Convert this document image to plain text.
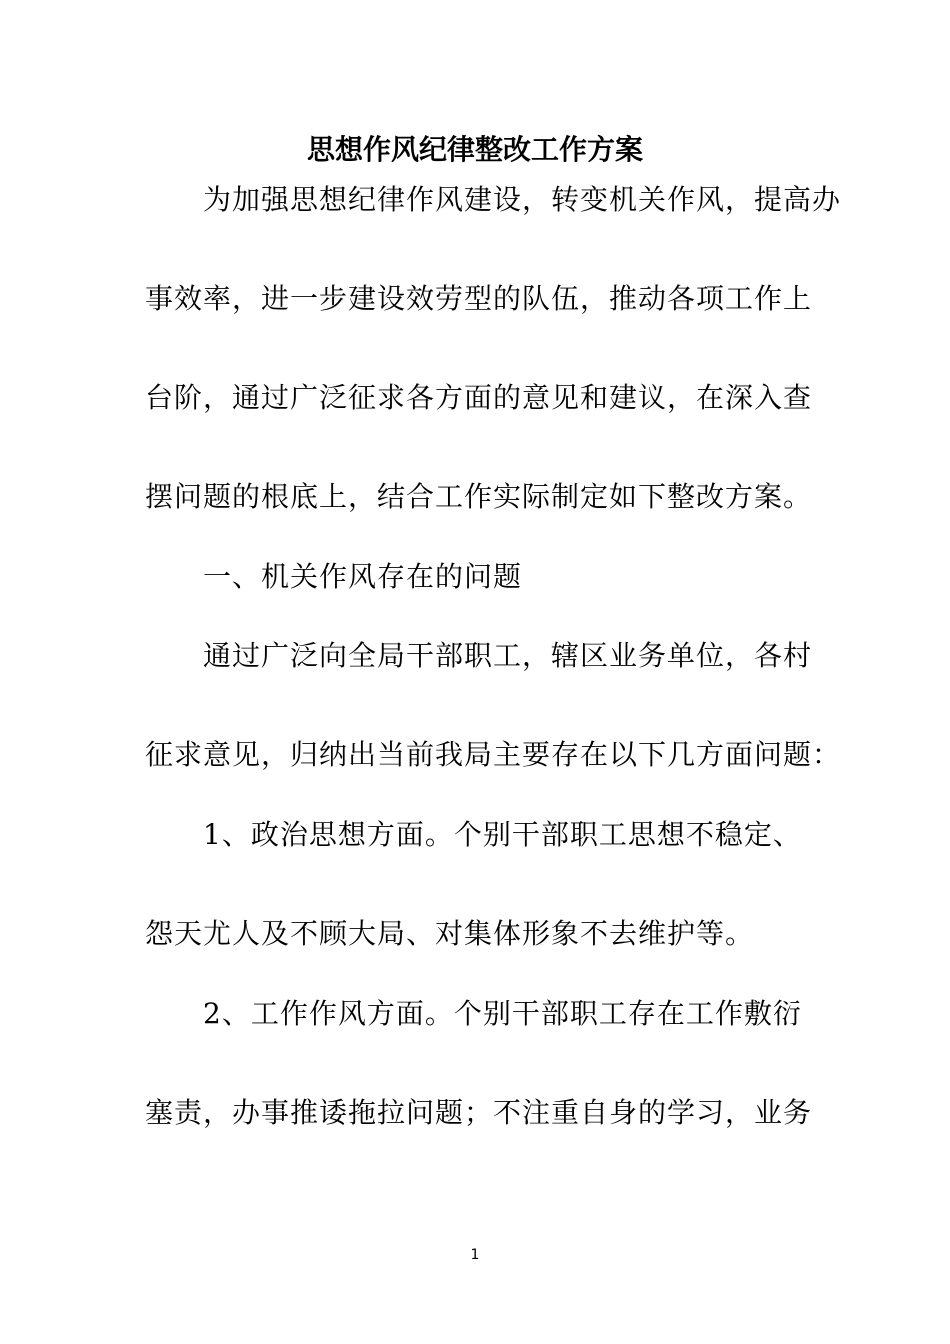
思想作风纪律整改工作方案
为加强思想纪律作风建设，转变机关作风，提高办
事效率，进一步建设效劳型的队伍，推动各项工作上
台阶，通过广泛征求各方面的意见和建议，在深入查
摆问题的根底上，结合工作实际制定如下整改方案。
一、机关作风存在的问题
通过广泛向全局干部职工，辖区业务单位，各村
征求意见，归纳出当前我局主要存在以下几方面问题：
1、政治思想方面。个别干部职工思想不稳定、
怨天尤人及不顾大局、对集体形象不去维护等。
2、工作作风方面。个别干部职工存在工作敷衍
塞责，办事推诿拖拉问题；不注重自身的学习，业务
1
